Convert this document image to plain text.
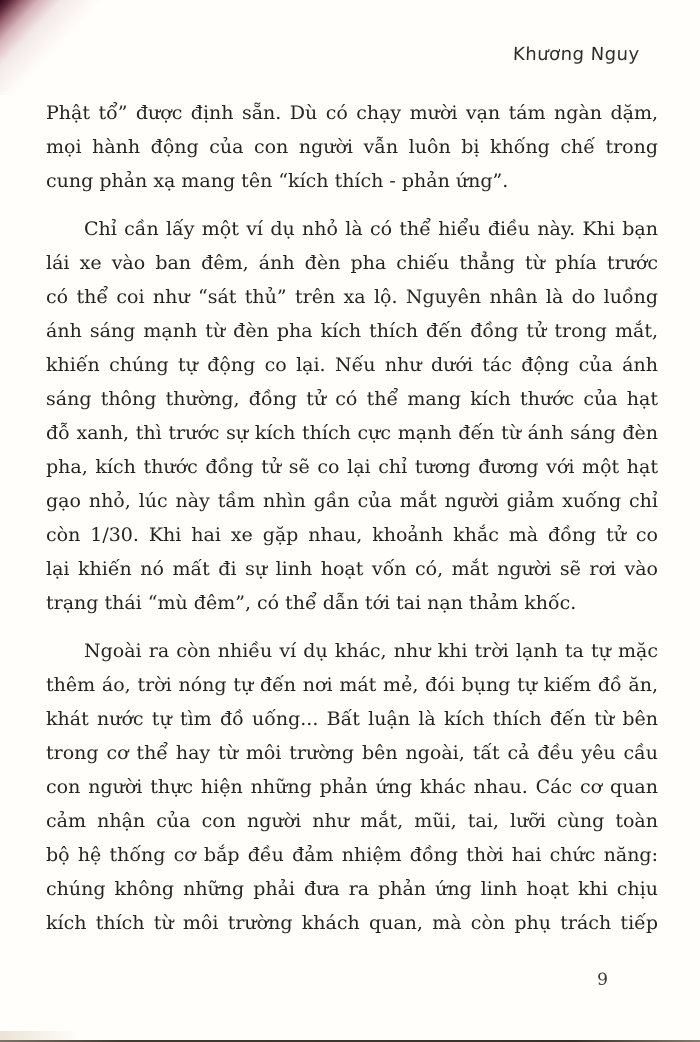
Khương Nguy
Phật tổ” được định sẵn. Dù có chạy mười vạn tám ngàn dặm,
mọi hành động của con người vẫn luôn bị khống chế trong
cung phản xạ mang tên “kích thích - phản ứng”.
Chỉ cần lấy một ví dụ nhỏ là có thể hiểu điều này. Khi bạn
lái xe vào ban đêm, ánh đèn pha chiếu thẳng từ phía trước
có thể coi như “sát thủ” trên xa lộ. Nguyên nhân là do luồng
ánh sáng mạnh từ đèn pha kích thích đến đồng tử trong mắt,
khiến chúng tự động co lại. Nếu như dưới tác động của ánh
sáng thông thường, đồng tử có thể mang kích thước của hạt
đỗ xanh, thì trước sự kích thích cực mạnh đến từ ánh sáng đèn
pha, kích thước đồng tử sẽ co lại chỉ tương đương với một hạt
gạo nhỏ, lúc này tầm nhìn gần của mắt người giảm xuống chỉ
còn 1/30. Khi hai xe gặp nhau, khoảnh khắc mà đồng tử co
lại khiến nó mất đi sự linh hoạt vốn có, mắt người sẽ rơi vào
trạng thái “mù đêm”, có thể dẫn tới tai nạn thảm khốc.
Ngoài ra còn nhiều ví dụ khác, như khi trời lạnh ta tự mặc
thêm áo, trời nóng tự đến nơi mát mẻ, đói bụng tự kiếm đồ ăn,
khát nước tự tìm đồ uống... Bất luận là kích thích đến từ bên
trong cơ thể hay từ môi trường bên ngoài, tất cả đều yêu cầu
con người thực hiện những phản ứng khác nhau. Các cơ quan
cảm nhận của con người như mắt, mũi, tai, lưỡi cùng toàn
bộ hệ thống cơ bắp đều đảm nhiệm đồng thời hai chức năng:
chúng không những phải đưa ra phản ứng linh hoạt khi chịu
kích thích từ môi trường khách quan, mà còn phụ trách tiếp
9
